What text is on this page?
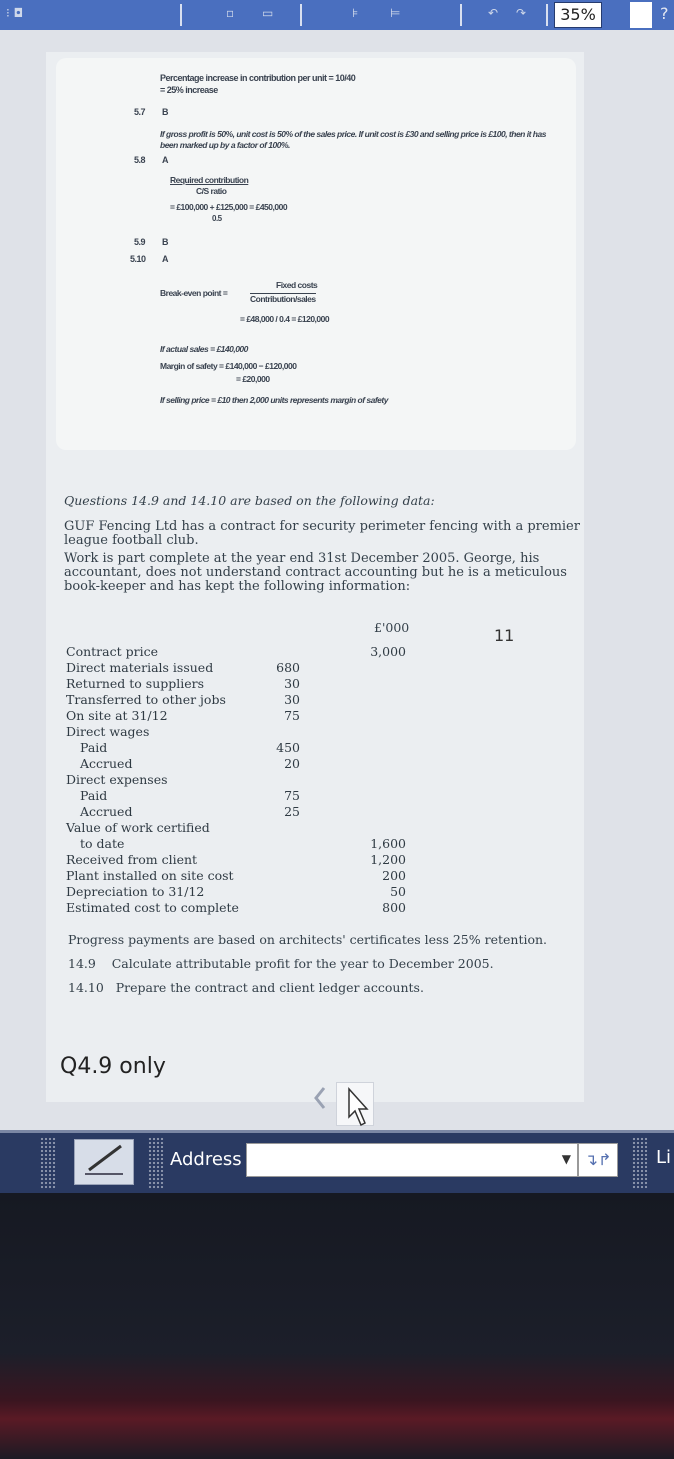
⁝ ◘	▫ ▭	⊧	⊨	↶ ↷	35%	?
Percentage increase in contribution per unit = 10/40
= 25% increase
5.7 B
If gross profit is 50%, unit cost is 50% of the sales price. If unit cost is £30 and selling price is £100, then it has been marked up by a factor of 100%.
5.8 A
Required contribution
C/S ratio
= £100,000 + £125,000 = £450,000
0.5
5.9 B
5.10 A
Break-even point =
Fixed costs
Contribution/sales
= £48,000 / 0.4 = £120,000
If actual sales = £140,000
Margin of safety = £140,000 − £120,000
= £20,000
If selling price = £10 then 2,000 units represents margin of safety
Questions 14.9 and 14.10 are based on the following data:
GUF Fencing Ltd has a contract for security perimeter fencing with a premier league football club.
Work is part complete at the year end 31st December 2005. George, his accountant, does not understand contract accounting but he is a meticulous book-keeper and has kept the following information:
£'000	11
Contract price	3,000
Direct materials issued	680
Returned to suppliers	30
Transferred to other jobs	30
On site at 31/12	75
Direct wages
Paid	450
Accrued	20
Direct expenses
Paid	75
Accrued	25
Value of work certified
to date	1,600
Received from client	1,200
Plant installed on site cost	200
Depreciation to 31/12	50
Estimated cost to complete	800
Progress payments are based on architects' certificates less 25% retention.
14.9    Calculate attributable profit for the year to December 2005.
14.10   Prepare the contract and client ledger accounts.
Q4.9 only
Address	▼ ↴↱	Li
